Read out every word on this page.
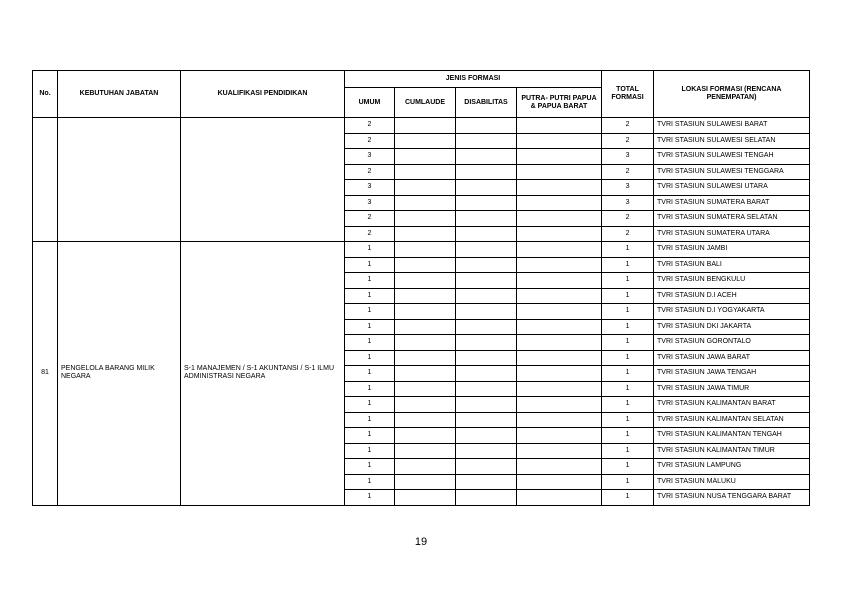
No.	KEBUTUHAN JABATAN	KUALIFIKASI PENDIDIKAN	JENIS FORMASI				TOTAL FORMASI	LOKASI FORMASI (RENCANA PENEMPATAN)
			UMUM	CUMLAUDE	DISABILITAS	PUTRA- PUTRI PAPUA & PAPUA BARAT		
			2				2	TVRI STASIUN SULAWESI BARAT
			2				2	TVRI STASIUN SULAWESI SELATAN
			3				3	TVRI STASIUN SULAWESI TENGAH
			2				2	TVRI STASIUN SULAWESI TENGGARA
			3				3	TVRI STASIUN SULAWESI UTARA
			3				3	TVRI STASIUN SUMATERA BARAT
			2				2	TVRI STASIUN SUMATERA SELATAN
			2				2	TVRI STASIUN SUMATERA UTARA
81	PENGELOLA BARANG MILIK NEGARA	S-1 MANAJEMEN / S-1 AKUNTANSI / S-1 ILMU ADMINISTRASI NEGARA	1				1	TVRI STASIUN JAMBI
			1				1	TVRI STASIUN BALI
			1				1	TVRI STASIUN BENGKULU
			1				1	TVRI STASIUN D.I ACEH
			1				1	TVRI STASIUN D.I YOGYAKARTA
			1				1	TVRI STASIUN DKI JAKARTA
			1				1	TVRI STASIUN GORONTALO
			1				1	TVRI STASIUN JAWA BARAT
			1				1	TVRI STASIUN JAWA TENGAH
			1				1	TVRI STASIUN JAWA TIMUR
			1				1	TVRI STASIUN KALIMANTAN BARAT
			1				1	TVRI STASIUN KALIMANTAN SELATAN
			1				1	TVRI STASIUN KALIMANTAN TENGAH
			1				1	TVRI STASIUN KALIMANTAN TIMUR
			1				1	TVRI STASIUN LAMPUNG
			1				1	TVRI STASIUN MALUKU
			1				1	TVRI STASIUN NUSA TENGGARA BARAT
19
